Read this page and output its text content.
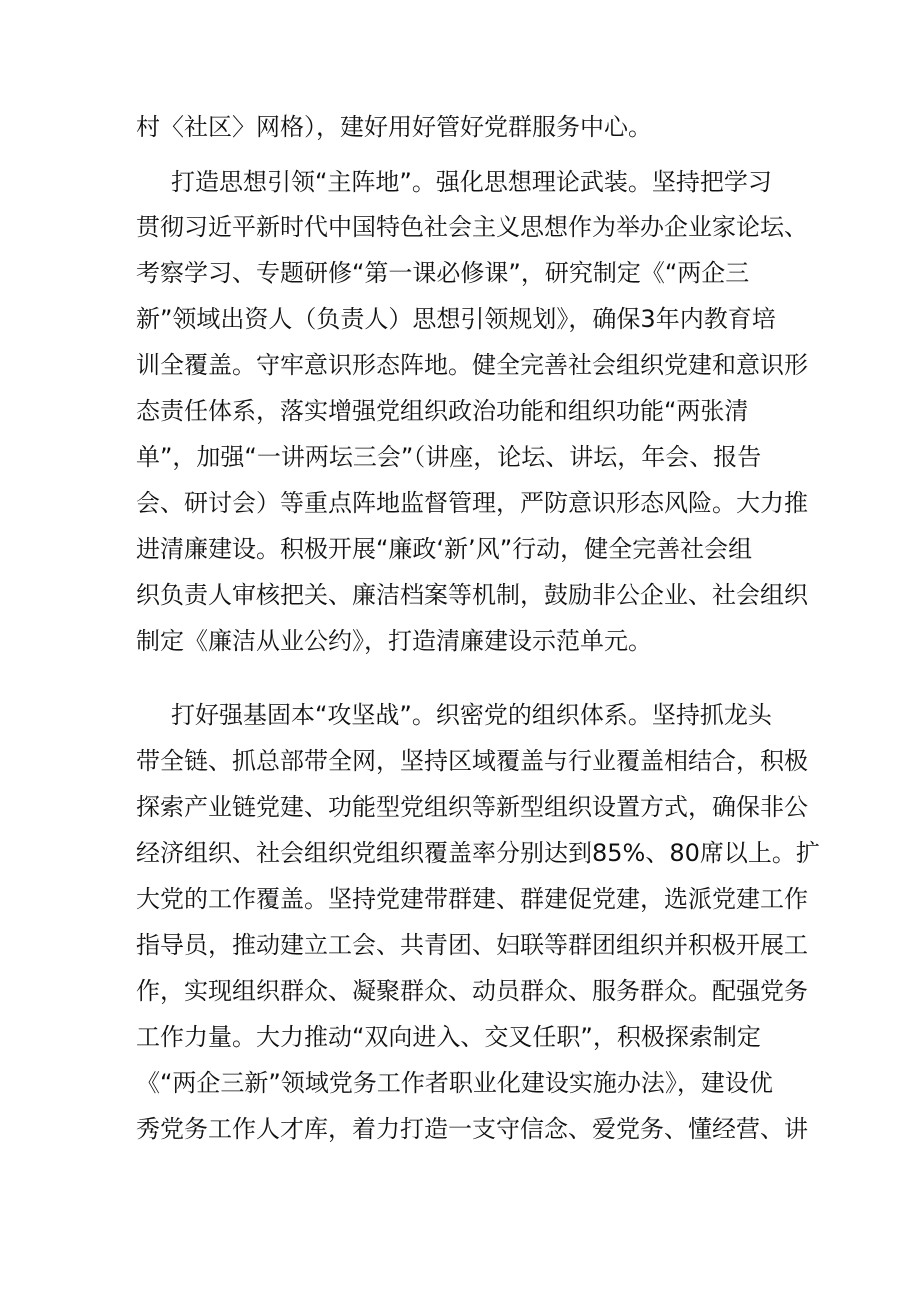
村〈社区〉网格），建好用好管好党群服务中心。
打造思想引领“主阵地”。强化思想理论武装。坚持把学习
贯彻习近平新时代中国特色社会主义思想作为举办企业家论坛、
考察学习、专题研修“第一课必修课”，研究制定《“两企三
新”领域出资人（负责人）思想引领规划》，确保3年内教育培
训全覆盖。守牢意识形态阵地。健全完善社会组织党建和意识形
态责任体系，落实增强党组织政治功能和组织功能“两张清
单”，加强“一讲两坛三会”（讲座，论坛、讲坛，年会、报告
会、研讨会）等重点阵地监督管理，严防意识形态风险。大力推
进清廉建设。积极开展“廉政‘新’风”行动，健全完善社会组
织负责人审核把关、廉洁档案等机制，鼓励非公企业、社会组织
制定《廉洁从业公约》，打造清廉建设示范单元。
打好强基固本“攻坚战”。织密党的组织体系。坚持抓龙头
带全链、抓总部带全网，坚持区域覆盖与行业覆盖相结合，积极
探索产业链党建、功能型党组织等新型组织设置方式，确保非公
经济组织、社会组织党组织覆盖率分别达到85%、80席以上。扩
大党的工作覆盖。坚持党建带群建、群建促党建，选派党建工作
指导员，推动建立工会、共青团、妇联等群团组织并积极开展工
作，实现组织群众、凝聚群众、动员群众、服务群众。配强党务
工作力量。大力推动“双向进入、交叉任职”，积极探索制定
《“两企三新”领域党务工作者职业化建设实施办法》，建设优
秀党务工作人才库，着力打造一支守信念、爱党务、懂经营、讲
